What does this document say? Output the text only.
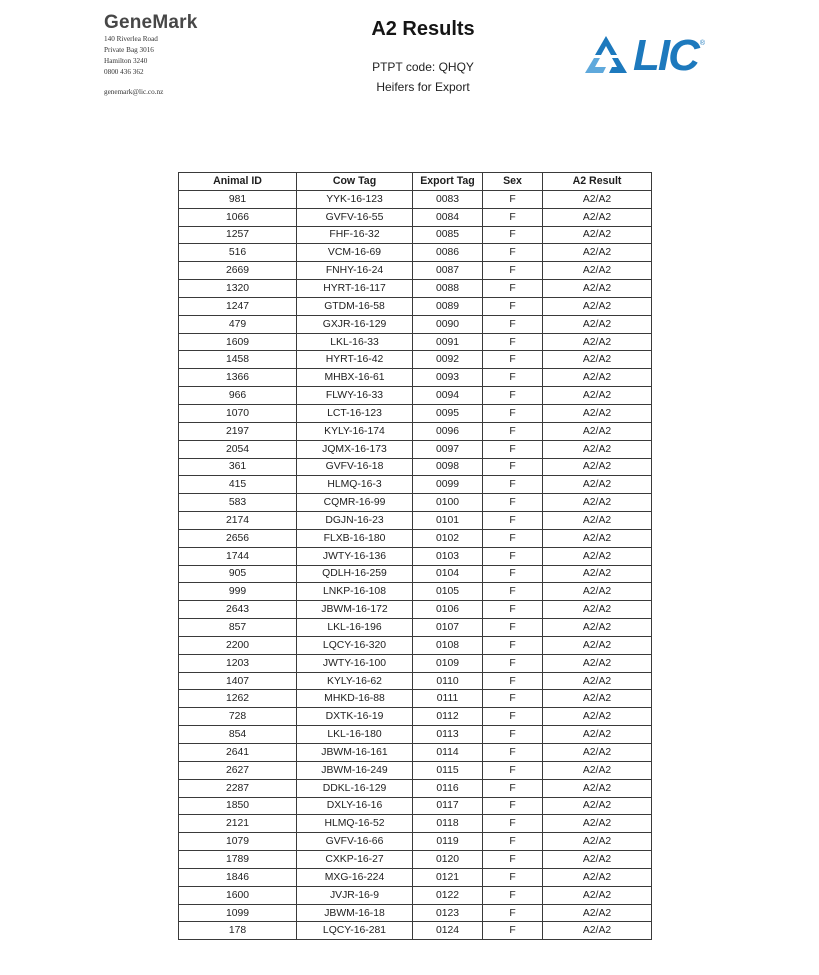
GeneMark
140 Riverlea Road
Private Bag 3016
Hamilton 3240
0800 436 362
genemark@lic.co.nz
A2 Results
PTPT code: QHQY
Heifers for Export
LIC ®
Animal ID	Cow Tag	Export Tag	Sex	A2 Result
981	YYK-16-123	0083	F	A2/A2
1066	GVFV-16-55	0084	F	A2/A2
1257	FHF-16-32	0085	F	A2/A2
516	VCM-16-69	0086	F	A2/A2
2669	FNHY-16-24	0087	F	A2/A2
1320	HYRT-16-117	0088	F	A2/A2
1247	GTDM-16-58	0089	F	A2/A2
479	GXJR-16-129	0090	F	A2/A2
1609	LKL-16-33	0091	F	A2/A2
1458	HYRT-16-42	0092	F	A2/A2
1366	MHBX-16-61	0093	F	A2/A2
966	FLWY-16-33	0094	F	A2/A2
1070	LCT-16-123	0095	F	A2/A2
2197	KYLY-16-174	0096	F	A2/A2
2054	JQMX-16-173	0097	F	A2/A2
361	GVFV-16-18	0098	F	A2/A2
415	HLMQ-16-3	0099	F	A2/A2
583	CQMR-16-99	0100	F	A2/A2
2174	DGJN-16-23	0101	F	A2/A2
2656	FLXB-16-180	0102	F	A2/A2
1744	JWTY-16-136	0103	F	A2/A2
905	QDLH-16-259	0104	F	A2/A2
999	LNKP-16-108	0105	F	A2/A2
2643	JBWM-16-172	0106	F	A2/A2
857	LKL-16-196	0107	F	A2/A2
2200	LQCY-16-320	0108	F	A2/A2
1203	JWTY-16-100	0109	F	A2/A2
1407	KYLY-16-62	0110	F	A2/A2
1262	MHKD-16-88	0111	F	A2/A2
728	DXTK-16-19	0112	F	A2/A2
854	LKL-16-180	0113	F	A2/A2
2641	JBWM-16-161	0114	F	A2/A2
2627	JBWM-16-249	0115	F	A2/A2
2287	DDKL-16-129	0116	F	A2/A2
1850	DXLY-16-16	0117	F	A2/A2
2121	HLMQ-16-52	0118	F	A2/A2
1079	GVFV-16-66	0119	F	A2/A2
1789	CXKP-16-27	0120	F	A2/A2
1846	MXG-16-224	0121	F	A2/A2
1600	JVJR-16-9	0122	F	A2/A2
1099	JBWM-16-18	0123	F	A2/A2
178	LQCY-16-281	0124	F	A2/A2
